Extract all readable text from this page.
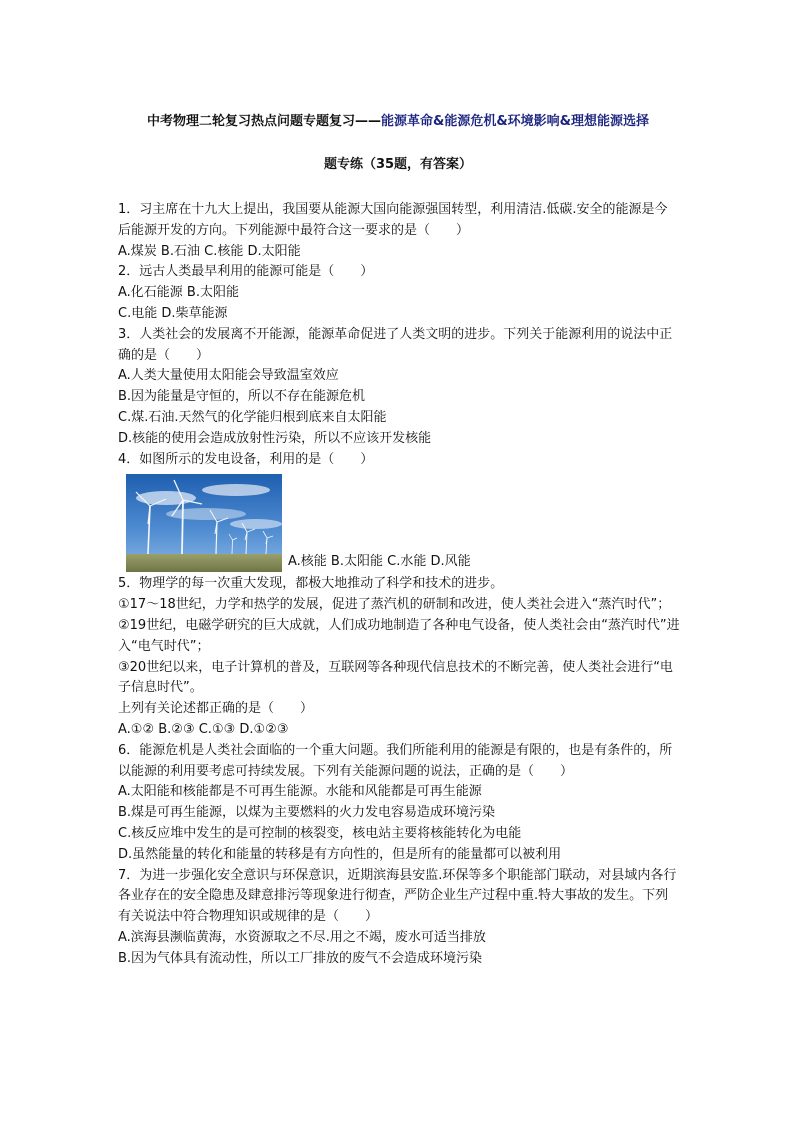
中考物理二轮复习热点问题专题复习——能源革命&能源危机&环境影响&理想能源选择
题专练（35题，有答案）

1．习主席在十九大上提出，我国要从能源大国向能源强国转型，利用清洁.低碳.安全的能源是今后能源开发的方向。下列能源中最符合这一要求的是（　　）

A.煤炭 B.石油 C.核能 D.太阳能

2．远古人类最早利用的能源可能是（　　）

A.化石能源 B.太阳能

C.电能 D.柴草能源

3．人类社会的发展离不开能源，能源革命促进了人类文明的进步。下列关于能源利用的说法中正确的是（　　）

A.人类大量使用太阳能会导致温室效应

B.因为能量是守恒的，所以不存在能源危机

C.煤.石油.天然气的化学能归根到底来自太阳能

D.核能的使用会造成放射性污染，所以不应该开发核能

4．如图所示的发电设备，利用的是（　　）

A.核能 B.太阳能 C.水能 D.风能

5．物理学的每一次重大发现，都极大地推动了科学和技术的进步。

①17～18世纪，力学和热学的发展，促进了蒸汽机的研制和改进，使人类社会进入“蒸汽时代”；

②19世纪，电磁学研究的巨大成就，人们成功地制造了各种电气设备，使人类社会由“蒸汽时代”进入“电气时代”；

③20世纪以来，电子计算机的普及，互联网等各种现代信息技术的不断完善，使人类社会进行“电子信息时代”。

上列有关论述都正确的是（　　）

A.①② B.②③ C.①③ D.①②③

6．能源危机是人类社会面临的一个重大问题。我们所能利用的能源是有限的，也是有条件的，所以能源的利用要考虑可持续发展。下列有关能源问题的说法，正确的是（　　）

A.太阳能和核能都是不可再生能源。水能和风能都是可再生能源

B.煤是可再生能源，以煤为主要燃料的火力发电容易造成环境污染

C.核反应堆中发生的是可控制的核裂变，核电站主要将核能转化为电能

D.虽然能量的转化和能量的转移是有方向性的，但是所有的能量都可以被利用

7．为进一步强化安全意识与环保意识，近期滨海县安监.环保等多个职能部门联动，对县域内各行各业存在的安全隐患及肆意排污等现象进行彻查，严防企业生产过程中重.特大事故的发生。下列有关说法中符合物理知识或规律的是（　　）

A.滨海县濒临黄海，水资源取之不尽.用之不竭，废水可适当排放

B.因为气体具有流动性，所以工厂排放的废气不会造成环境污染
